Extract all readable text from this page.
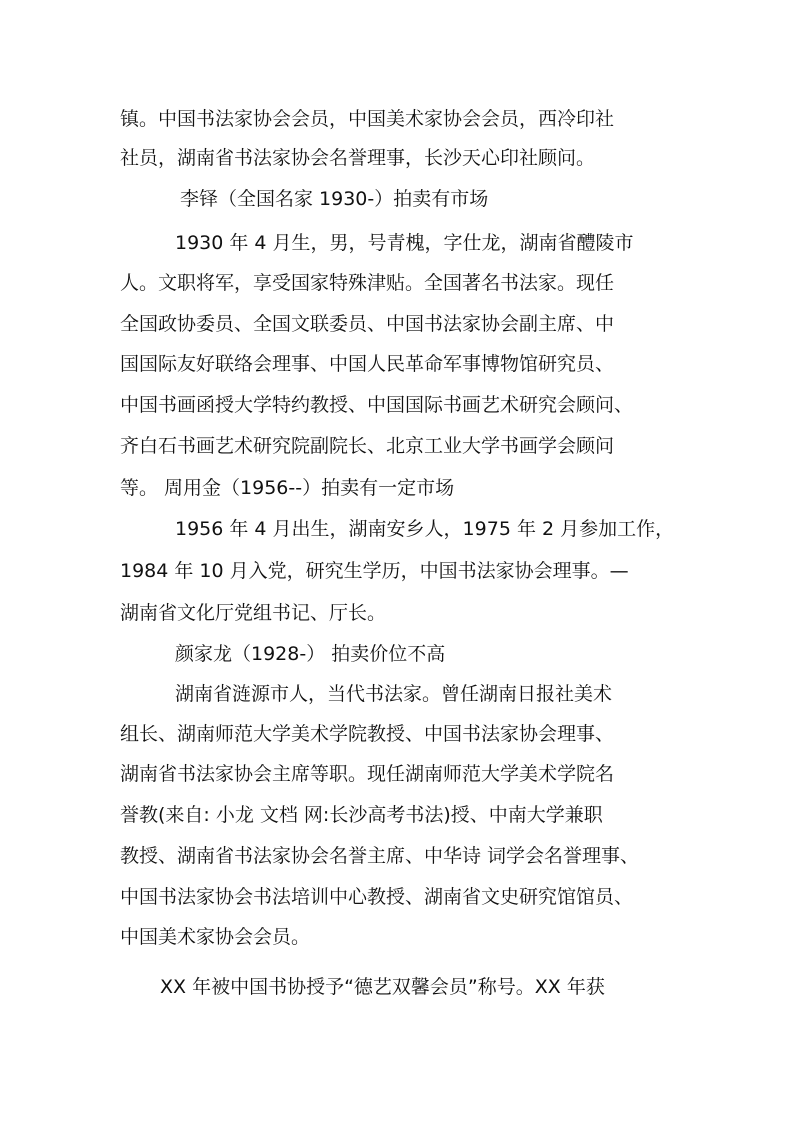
镇。中国书法家协会会员，中国美术家协会会员，西冷印社

社员，湖南省书法家协会名誉理事，长沙天心印社顾问。

李铎（全国名家 1930-）拍卖有市场

1930 年 4 月生，男，号青槐，字仕龙，湖南省醴陵市

人。文职将军，享受国家特殊津贴。全国著名书法家。现任

全国政协委员、全国文联委员、中国书法家协会副主席、中

国国际友好联络会理事、中国人民革命军事博物馆研究员、

中国书画函授大学特约教授、中国国际书画艺术研究会顾问、

齐白石书画艺术研究院副院长、北京工业大学书画学会顾问

等。 周用金（1956--）拍卖有一定市场

1956 年 4 月出生，湖南安乡人，1975 年 2 月参加工作，

1984 年 10 月入党，研究生学历，中国书法家协会理事。—

湖南省文化厅党组书记、厅长。

颜家龙（1928-） 拍卖价位不高

湖南省涟源市人，当代书法家。曾任湖南日报社美术

组长、湖南师范大学美术学院教授、中国书法家协会理事、

湖南省书法家协会主席等职。现任湖南师范大学美术学院名

誉教(来自: 小龙 文档 网:长沙高考书法)授、中南大学兼职

教授、湖南省书法家协会名誉主席、中华诗 词学会名誉理事、

中国书法家协会书法培训中心教授、湖南省文史研究馆馆员、

中国美术家协会会员。

XX 年被中国书协授予“德艺双馨会员”称号。XX 年获
